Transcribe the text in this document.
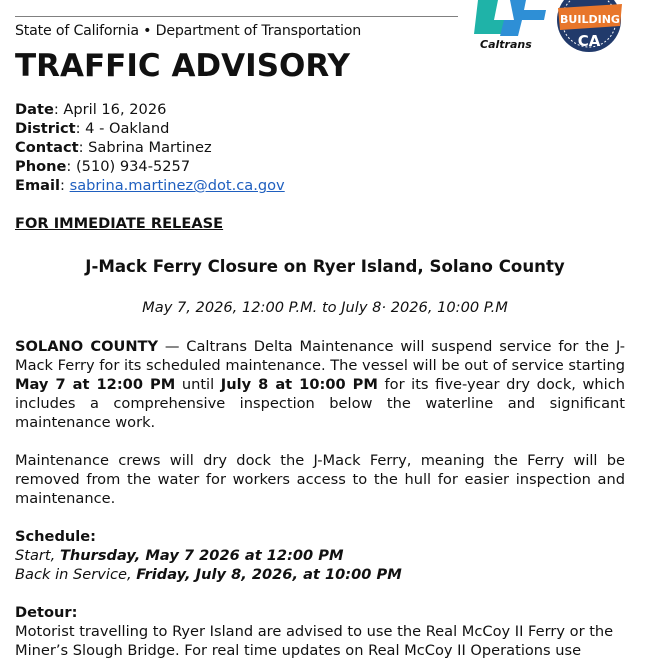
State of California • Department of Transportation
TRAFFIC ADVISORY
Caltrans
BUILDING
CA
Date: April 16, 2026
District: 4 - Oakland
Contact: Sabrina Martinez
Phone: (510) 934-5257
Email: sabrina.martinez@dot.ca.gov
FOR IMMEDIATE RELEASE
J-Mack Ferry Closure on Ryer Island, Solano County
May 7, 2026, 12:00 P.M. to July 8· 2026, 10:00 P.M
SOLANO COUNTY — Caltrans Delta Maintenance will suspend service for the J-Mack Ferry for its scheduled maintenance. The vessel will be out of service starting May 7 at 12:00 PM until July 8 at 10:00 PM for its five-year dry dock, which includes a comprehensive inspection below the waterline and significant maintenance work.
Maintenance crews will dry dock the J-Mack Ferry, meaning the Ferry will be removed from the water for workers access to the hull for easier inspection and maintenance.
Schedule:
Start, Thursday, May 7 2026 at 12:00 PM
Back in Service, Friday, July 8, 2026, at 10:00 PM
Detour:
Motorist travelling to Ryer Island are advised to use the Real McCoy II Ferry or the Miner’s Slough Bridge. For real time updates on Real McCoy II Operations use
